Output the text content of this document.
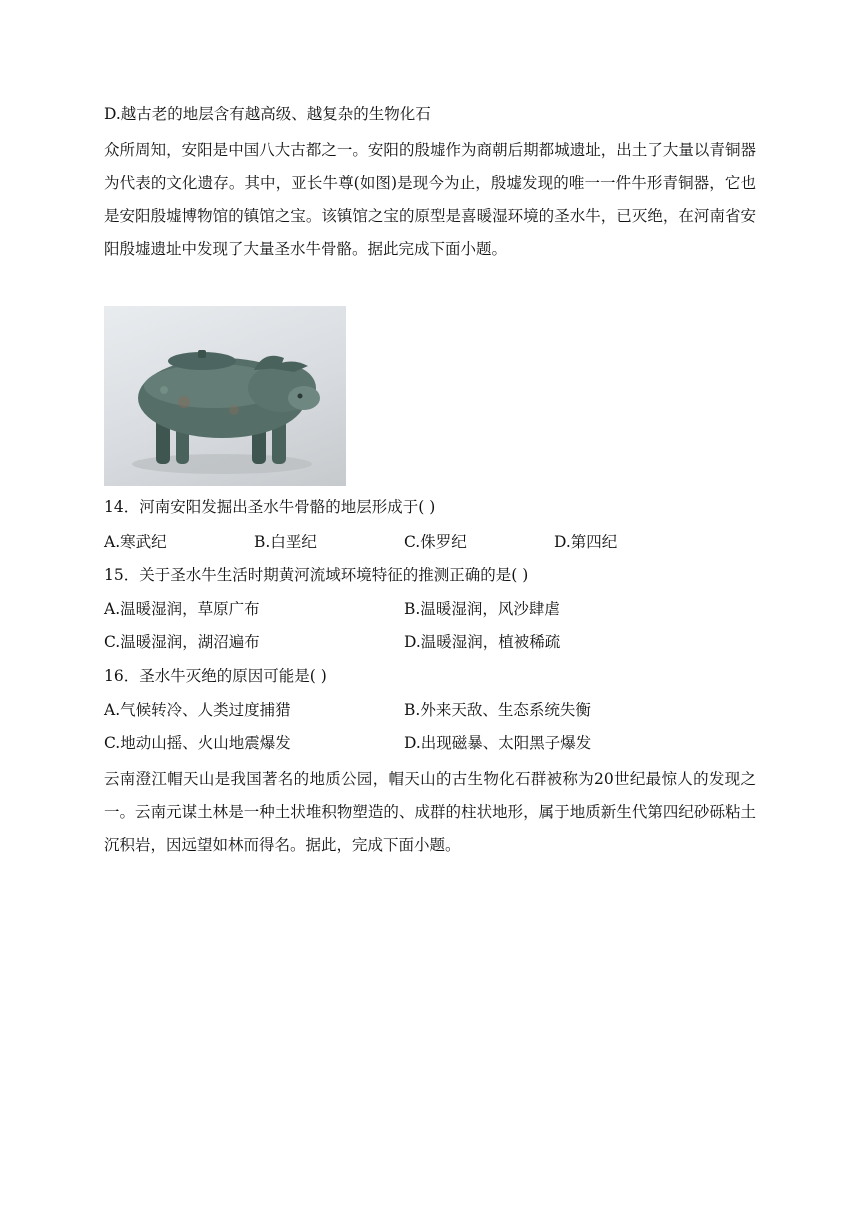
D.越古老的地层含有越高级、越复杂的生物化石
众所周知，安阳是中国八大古都之一。安阳的殷墟作为商朝后期都城遗址，出土了大量以青铜器为代表的文化遗存。其中，亚长牛尊(如图)是现今为止，殷墟发现的唯一一件牛形青铜器，它也是安阳殷墟博物馆的镇馆之宝。该镇馆之宝的原型是喜暖湿环境的圣水牛，已灭绝，在河南省安阳殷墟遗址中发现了大量圣水牛骨骼。据此完成下面小题。
14．河南安阳发掘出圣水牛骨骼的地层形成于( )
A.寒武纪	B.白垩纪	C.侏罗纪	D.第四纪
15．关于圣水牛生活时期黄河流域环境特征的推测正确的是( )
A.温暖湿润，草原广布	B.温暖湿润，风沙肆虐
C.温暖湿润，湖沼遍布	D.温暖湿润，植被稀疏
16．圣水牛灭绝的原因可能是( )
A.气候转冷、人类过度捕猎	B.外来天敌、生态系统失衡
C.地动山摇、火山地震爆发	D.出现磁暴、太阳黑子爆发
云南澄江帽天山是我国著名的地质公园，帽天山的古生物化石群被称为20世纪最惊人的发现之一。云南元谋土林是一种土状堆积物塑造的、成群的柱状地形，属于地质新生代第四纪砂砾粘土沉积岩，因远望如林而得名。据此，完成下面小题。
